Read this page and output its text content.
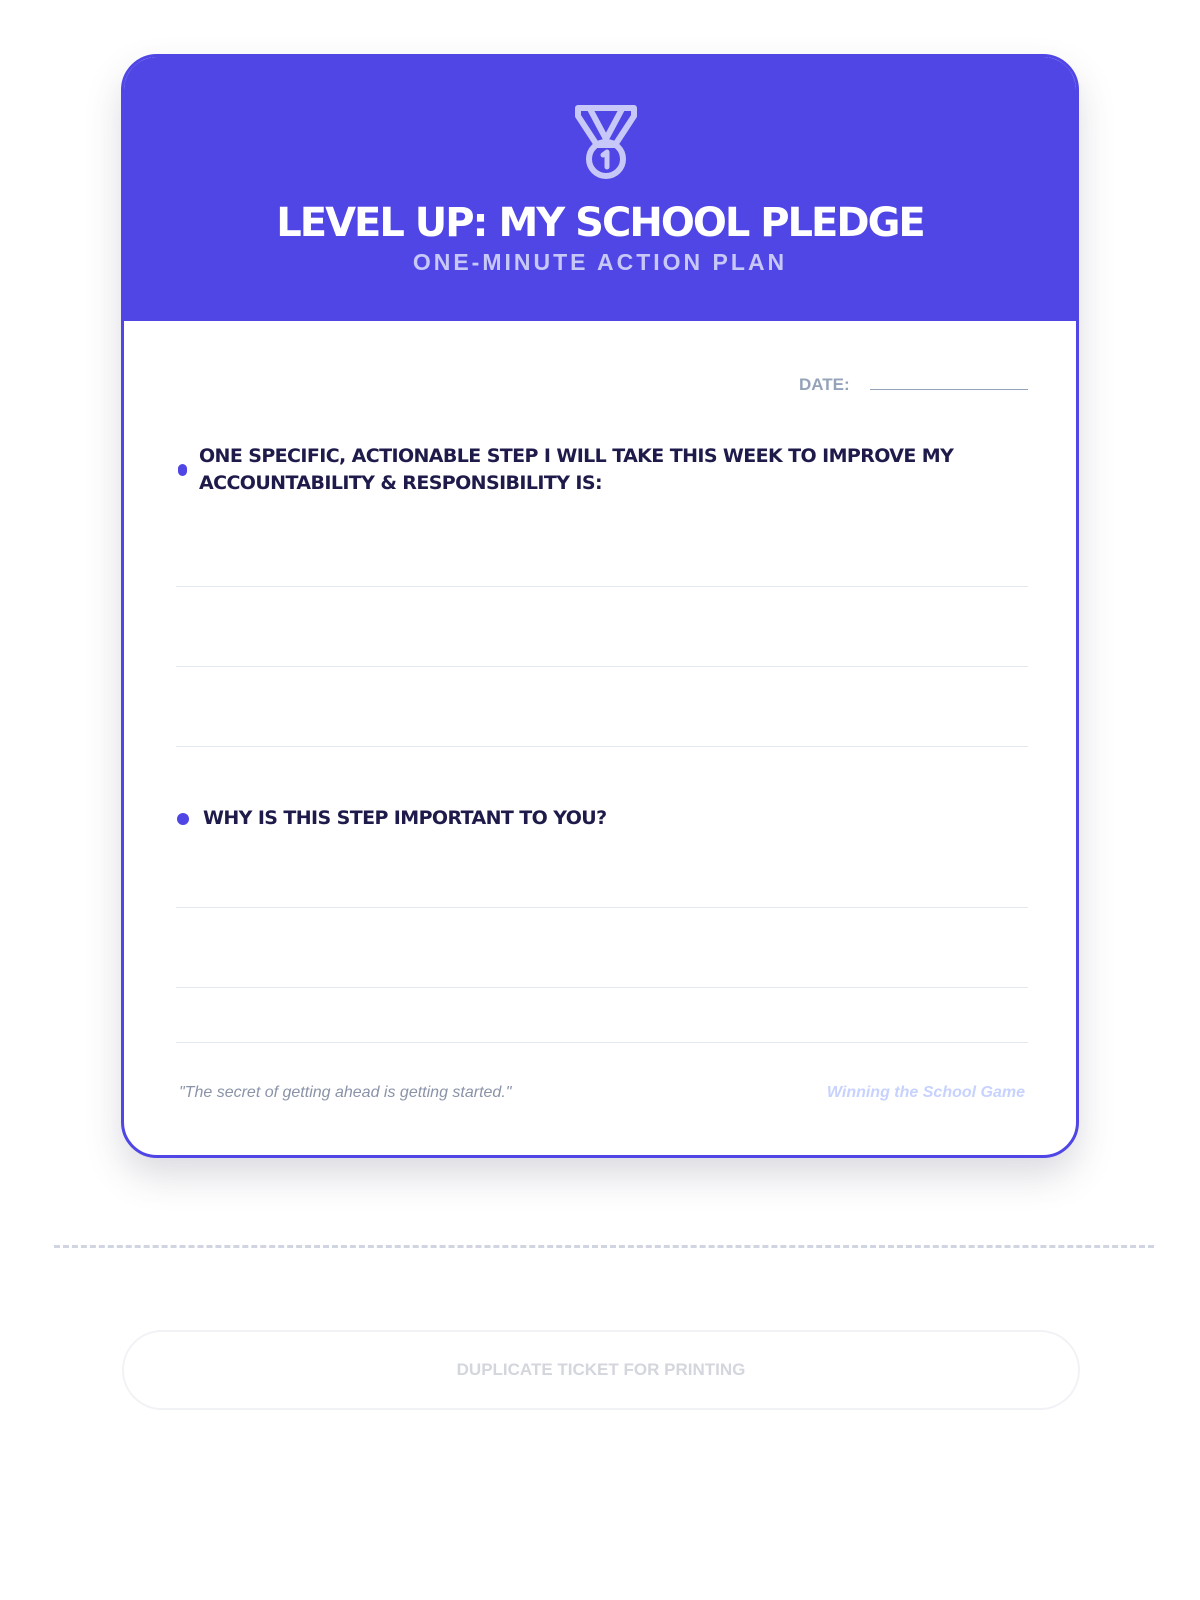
LEVEL UP: MY SCHOOL PLEDGE
ONE-MINUTE ACTION PLAN
DATE:
ONE SPECIFIC, ACTIONABLE STEP I WILL TAKE THIS WEEK TO IMPROVE MY
ACCOUNTABILITY & RESPONSIBILITY IS:
WHY IS THIS STEP IMPORTANT TO YOU?
"The secret of getting ahead is getting started."	Winning the School Game
DUPLICATE TICKET FOR PRINTING
